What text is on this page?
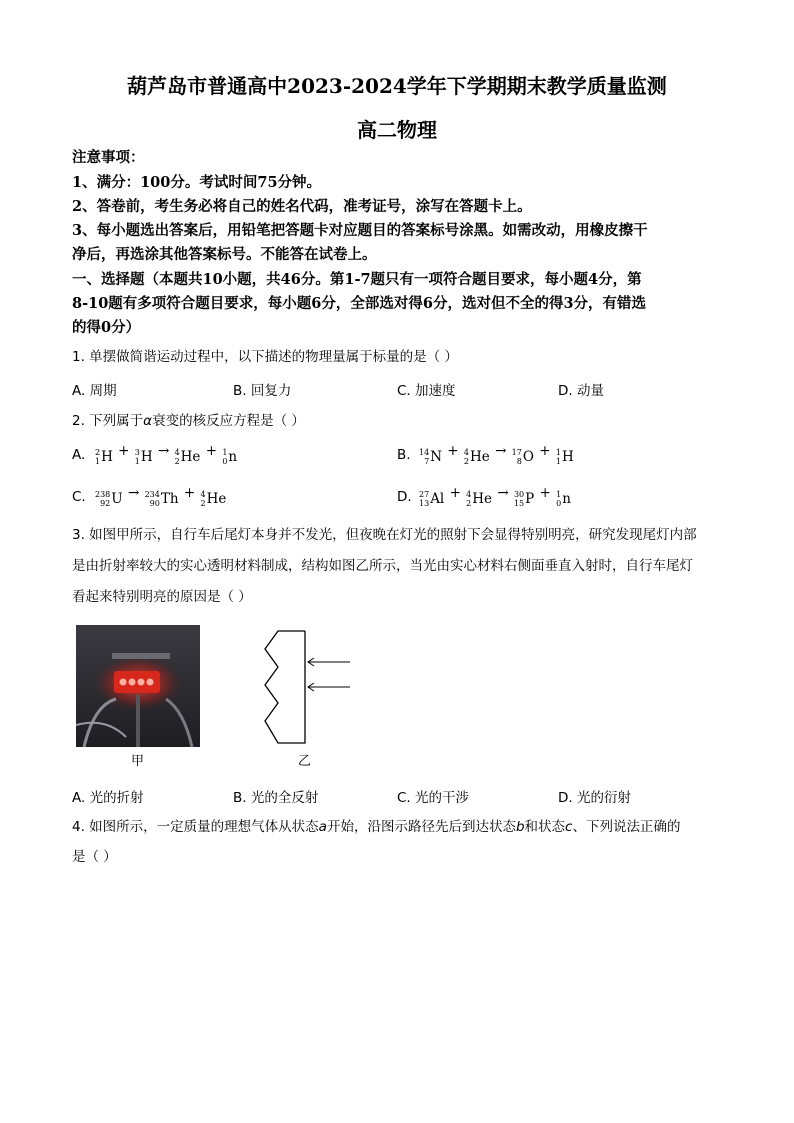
葫芦岛市普通高中2023-2024学年下学期期末教学质量监测
高二物理
注意事项：
1、满分：100分。考试时间75分钟。
2、答卷前，考生务必将自己的姓名代码，准考证号，涂写在答题卡上。
3、每小题选出答案后，用铅笔把答题卡对应题目的答案标号涂黑。如需改动，用橡皮擦干
净后，再选涂其他答案标号。不能答在试卷上。
一、选择题（本题共10小题，共46分。第1-7题只有一项符合题目要求，每小题4分，第
8-10题有多项符合题目要求，每小题6分，全部选对得6分，选对但不全的得3分，有错选
的得0分）
1. 单摆做简谐运动过程中，以下描述的物理量属于标量的是（ ）
A. 周期	B. 回复力	C. 加速度	D. 动量
2. 下列属于α衰变的核反应方程是（ ）
A. 2
1 H + 3
1 H → 4
2 He + 1
0 n	B. 14
7 N + 4
2 He → 17
8 O + 1
1 H
C. 238
92 U → 234
90 Th + 4
2 He	D. 27
13 Al + 4
2 He → 30
15 P + 1
0 n
3. 如图甲所示，自行车后尾灯本身并不发光，但夜晚在灯光的照射下会显得特别明亮，研究发现尾灯内部
是由折射率较大的实心透明材料制成，结构如图乙所示，当光由实心材料右侧面垂直入射时，自行车尾灯
看起来特别明亮的原因是（ ）
甲	乙
A. 光的折射	B. 光的全反射	C. 光的干涉	D. 光的衍射
4. 如图所示，一定质量的理想气体从状态a开始，沿图示路径先后到达状态b和状态c、下列说法正确的
是（ ）
